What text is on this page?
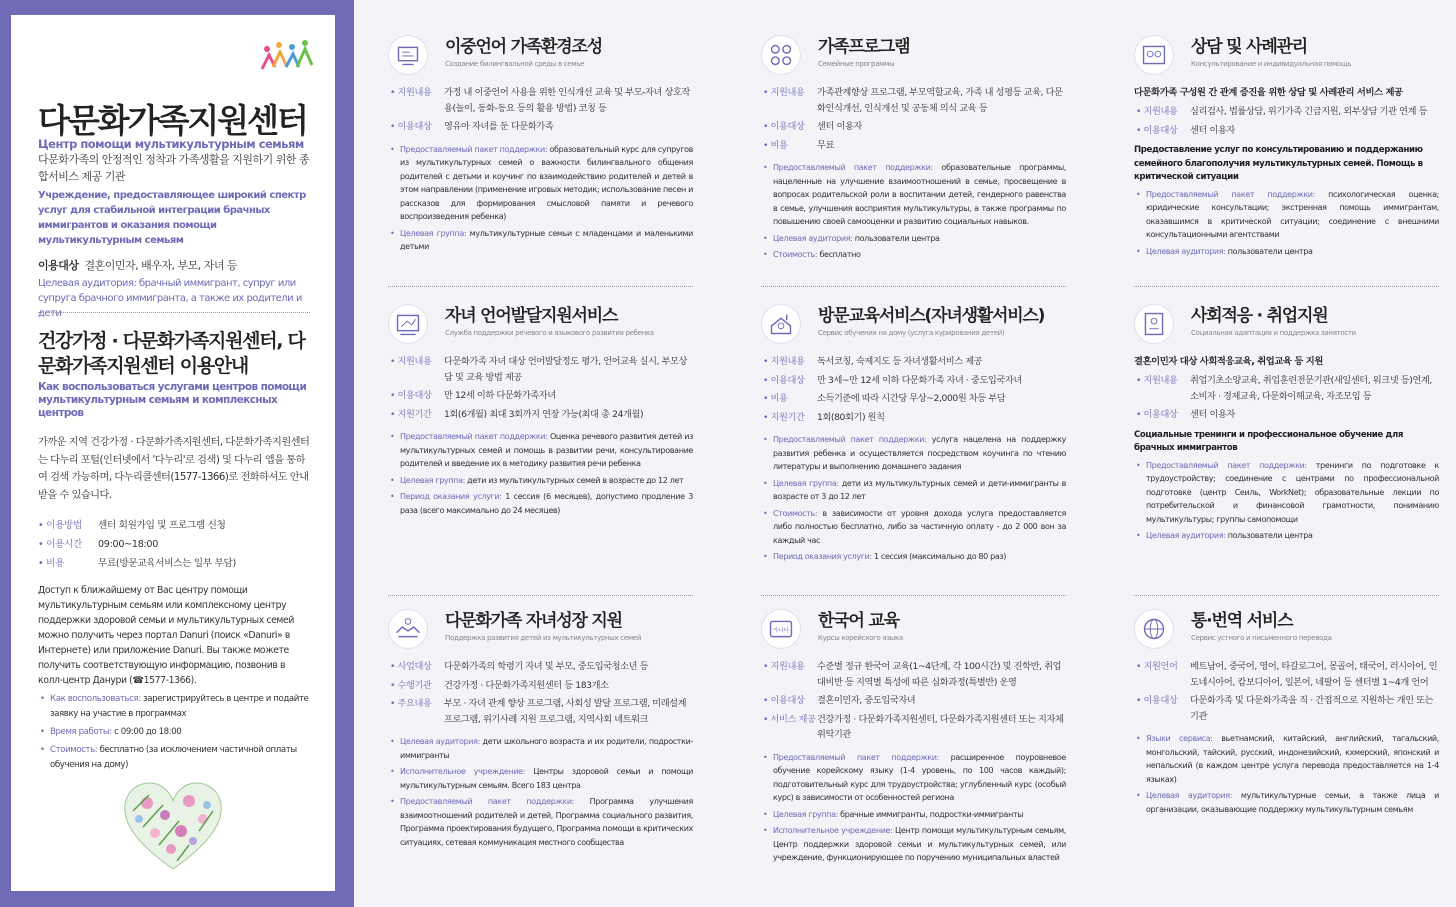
다문화가족지원센터
Центр помощи мультикультурным семьям
다문화가족의 안정적인 정착과 가족생활을 지원하기 위한 종합서비스 제공 기관
Учреждение, предоставляющее широкий спектр услуг для стабильной интеграции брачных иммигрантов и оказания помощи мультикультурным семьям
이용대상 결혼이민자, 배우자, 부모, 자녀 등
Целевая аудитория: брачный иммигрант, супруг или супруга брачного иммигранта, а также их родители и дети
건강가정 · 다문화가족지원센터, 다문화가족지원센터 이용안내
Как воспользоваться услугами центров помощи мультикультурным семьям и комплексных центров
가까운 지역 건강가정 · 다문화가족지원센터, 다문화가족지원센터는 다누리 포털(인터넷에서 '다누리'로 검색) 및 다누리 앱을 통하여 검색 가능하며, 다누리콜센터(1577-1366)로 전화하셔도 안내받을 수 있습니다.
• 이용방법	센터 회원가입 및 프로그램 신청
• 이용시간	09:00~18:00
• 비용	무료(방문교육서비스는 일부 부담)
Доступ к ближайшему от Вас центру помощи мультикультурным семьям или комплексному центру поддержки здоровой семьи и мультикультурных семей можно получить через портал Danuri (поиск «Danuri» в Интернете) или приложение Danuri. Вы также можете получить соответствующую информацию, позвонив в колл-центр Данури (☎1577-1366).
• Как воспользоваться: зарегистрируйтесь в центре и подайте заявку на участие в программах
• Время работы: с 09:00 до 18:00
• Стоимость: бесплатно (за исключением частичной оплаты обучения на дому)
이중언어 가족환경조성
Создание билингвальной среды в семье
• 지원내용	가정 내 이중언어 사용을 위한 인식개선 교육 및 부모-자녀 상호작용(놀이, 동화-동요 등의 활용 방법) 코칭 등
• 이용대상	영유아 자녀를 둔 다문화가족
• Предоставляемый пакет поддержки: образовательный курс для супругов из мультикультурных семей о важности билингвального общения родителей с детьми и коучинг по взаимодействию родителей и детей в этом направлении (применение игровых методик; использование песен и рассказов для формирования смысловой памяти и речевого воспроизведения ребенка)
• Целевая группа: мультикультурные семьи с младенцами и маленькими детьми
가족프로그램
Семейные программы
• 지원내용	가족관계향상 프로그램, 부모역할교육, 가족 내 성평등 교육, 다문화인식개선, 인식개선 및 공동체 의식 교육 등
• 이용대상	센터 이용자
• 비용	무료
• Предоставляемый пакет поддержки: образовательные программы, нацеленные на улучшение взаимоотношений в семье, просвещение в вопросах родительской роли в воспитании детей, гендерного равенства в семье, улучшения восприятия мультикультуры, а также программы по повышению своей самооценки и развитию социальных навыков.
• Целевая аудитория: пользователи центра
• Стоимость: бесплатно
상담 및 사례관리
Консультирование и индивидуальная помощь
다문화가족 구성원 간 관계 증진을 위한 상담 및 사례관리 서비스 제공
• 지원내용	심리검사, 법률상담, 위기가족 긴급지원, 외부상담 기관 연계 등
• 이용대상	센터 이용자
Предоставление услуг по консультированию и поддержанию семейного благополучия мультикультурных семей. Помощь в критической ситуации
• Предоставляемый пакет поддержки: психологическая оценка; юридические консультации; экстренная помощь иммигрантам, оказавшимся в критической ситуации; соединение с внешними консультационными агентствами
• Целевая аудитория: пользователи центра
자녀 언어발달지원서비스
Служба поддержки речевого и языкового развития ребенка
• 지원내용	다문화가족 자녀 대상 언어발달정도 평가, 언어교육 실시, 부모상담 및 교육 방법 제공
• 이용대상	만 12세 이하 다문화가족자녀
• 지원기간	1회(6개월) 최대 3회까지 연장 가능(최대 총 24개월)
• Предоставляемый пакет поддержки: Оценка речевого развития детей из мультикультурных семей и помощь в развитии речи, консультирование родителей и введение их в методику развития речи ребенка
• Целевая группа: дети из мультикультурных семей в возрасте до 12 лет
• Период оказания услуги: 1 сессия (6 месяцев), допустимо продление 3 раза (всего максимально до 24 месяцев)
방문교육서비스(자녀생활서비스)
Сервис обучения на дому (услуга курирования детей)
• 지원내용	독서코칭, 숙제지도 등 자녀생활서비스 제공
• 이용대상	만 3세~만 12세 이하 다문화가족 자녀 · 중도입국자녀
• 비용	소득기준에 따라 시간당 무상~2,000원 차등 부담
• 지원기간	1회(80회기) 원칙
• Предоставляемый пакет поддержки: услуга нацелена на поддержку развития ребенка и осуществляется посредством коучинга по чтению литературы и выполнению домашнего задания
• Целевая группа: дети из мультикультурных семей и дети-иммигранты в возрасте от 3 до 12 лет
• Стоимость: в зависимости от уровня дохода услуга предоставляется либо полностью бесплатно, либо за частичную оплату - до 2 000 вон за каждый час
• Период оказания услуги: 1 сессия (максимально до 80 раз)
사회적응 · 취업지원
Социальная адаптация и поддержка занятости
결혼이민자 대상 사회적응교육, 취업교육 등 지원
• 지원내용	취업기초소양교육, 취업훈련전문기관(새일센터, 워크넷 등)연계, 소비자 · 경제교육, 다문화이해교육, 자조모임 등
• 이용대상	센터 이용자
Социальные тренинги и профессиональное обучение для брачных иммигрантов
• Предоставляемый пакет поддержки: тренинги по подготовке к трудоустройству; соединение с центрами по профессиональной подготовке (центр Сеиль, WorkNet); образовательные лекции по потребительской и финансовой грамотности, пониманию мультикультуры; группы самопомощи
• Целевая аудитория: пользователи центра
다문화가족 자녀성장 지원
Поддержка развития детей из мультикультурных семей
• 사업대상	다문화가족의 학령기 자녀 및 부모, 중도입국청소년 등
• 수행기관	건강가정 · 다문화가족지원센터 등 183개소
• 주요내용	부모 · 자녀 관계 향상 프로그램, 사회성 발달 프로그램, 미래설계 프로그램, 위기사례 지원 프로그램, 지역사회 네트워크
• Целевая аудитория: дети школьного возраста и их родители, подростки-иммигранты
• Исполнительное учреждение: Центры здоровой семьи и помощи мультикультурным семьям. Всего 183 центра
• Предоставляемый пакет поддержки: Программа улучшения взаимоотношений родителей и детей, Программа социального развития, Программа проектирования будущего, Программа помощи в критических ситуациях, сетевая коммуникация местного сообщества
가나다 한국어 교육
Курсы корейского языка
• 지원내용	수준별 정규 한국어 교육(1~4단계, 각 100시간) 및 진학반, 취업대비반 등 지역별 특성에 따른 심화과정(특별반) 운영
• 이용대상	결혼이민자, 중도입국자녀
• 서비스 제공 건강가정 · 다문화가족지원센터, 다문화가족지원센터 또는 지자체 위탁기관
• Предоставляемый пакет поддержки: расширенное поуровневое обучение корейскому языку (1-4 уровень, по 100 часов каждый); подготовительный курс для трудоустройства; углубленный курс (особый курс) в зависимости от особенностей региона
• Целевая группа: брачные иммигранты, подростки-иммигранты
• Исполнительное учреждение: Центр помощи мультикультурным семьям, Центр поддержки здоровой семьи и мультикультурных семей, или учреждение, функционирующее по поручению муниципальных властей
통·번역 서비스
Сервис устного и письменного перевода
• 지원언어	베트남어, 중국어, 영어, 타갈로그어, 몽골어, 태국어, 러시아어, 인도네시아어, 캄보디아어, 일본어, 네팔어 등 센터별 1~4개 언어
• 이용대상	다문화가족 및 다문화가족을 직 · 간접적으로 지원하는 개인 또는 기관
• Языки сервиса: вьетнамский, китайский, английский, тагальский, монгольский, тайский, русский, индонезийский, кхмерский, японский и непальский (в каждом центре услуга перевода предоставляется на 1-4 языках)
• Целевая аудитория: мультикультурные семьи, а также лица и организации, оказывающие поддержку мультикультурным семьям
